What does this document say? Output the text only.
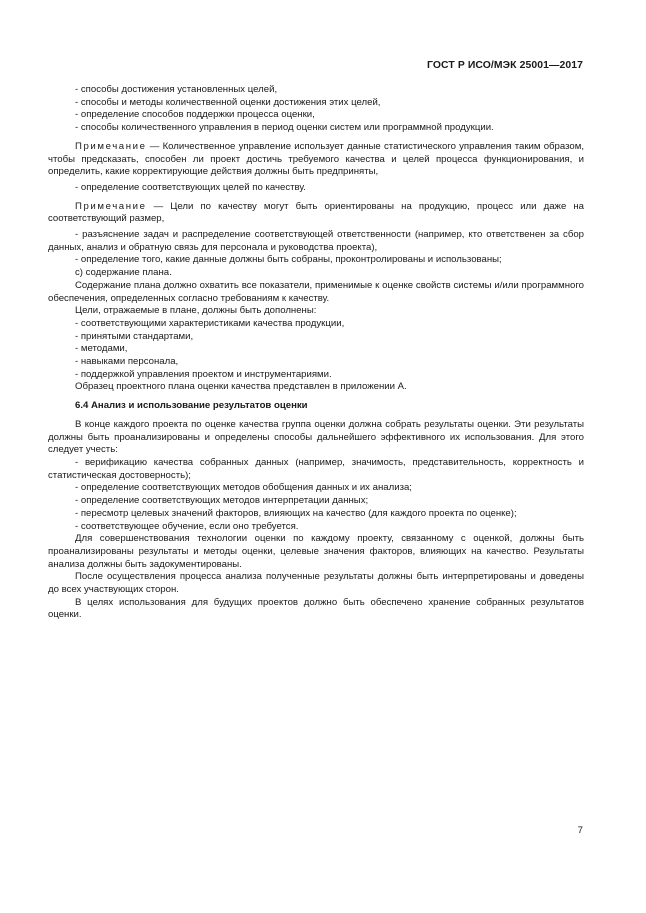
ГОСТ Р ИСО/МЭК 25001—2017

- способы достижения установленных целей,

- способы и методы количественной оценки достижения этих целей,

- определение способов поддержки процесса оценки,

- способы количественного управления в период оценки систем или программной продукции.

Примечание — Количественное управление использует данные статистического управления таким образом, чтобы предсказать, способен ли проект достичь требуемого качества и целей процесса функционирования, и определить, какие корректирующие действия должны быть предприняты,

- определение соответствующих целей по качеству.

Примечание — Цели по качеству могут быть ориентированы на продукцию, процесс или даже на соответствующий размер,

- разъяснение задач и распределение соответствующей ответственности (например, кто ответственен за сбор данных, анализ и обратную связь для персонала и руководства проекта),

- определение того, какие данные должны быть собраны, проконтролированы и использованы;

c) содержание плана.

Содержание плана должно охватить все показатели, применимые к оценке свойств системы и/или программного обеспечения, определенных согласно требованиям к качеству.

Цели, отражаемые в плане, должны быть дополнены:

- соответствующими характеристиками качества продукции,

- принятыми стандартами,

- методами,

- навыками персонала,

- поддержкой управления проектом и инструментариями.

Образец проектного плана оценки качества представлен в приложении А.

6.4 Анализ и использование результатов оценки

В конце каждого проекта по оценке качества группа оценки должна собрать результаты оценки. Эти результаты должны быть проанализированы и определены способы дальнейшего эффективного их использования. Для этого следует учесть:

- верификацию качества собранных данных (например, значимость, представительность, корректность и статистическая достоверность);

- определение соответствующих методов обобщения данных и их анализа;

- определение соответствующих методов интерпретации данных;

- пересмотр целевых значений факторов, влияющих на качество (для каждого проекта по оценке);

- соответствующее обучение, если оно требуется.

Для совершенствования технологии оценки по каждому проекту, связанному с оценкой, должны быть проанализированы результаты и методы оценки, целевые значения факторов, влияющих на качество. Результаты анализа должны быть задокументированы.

После осуществления процесса анализа полученные результаты должны быть интерпретированы и доведены до всех участвующих сторон.

В целях использования для будущих проектов должно быть обеспечено хранение собранных результатов оценки.

7
